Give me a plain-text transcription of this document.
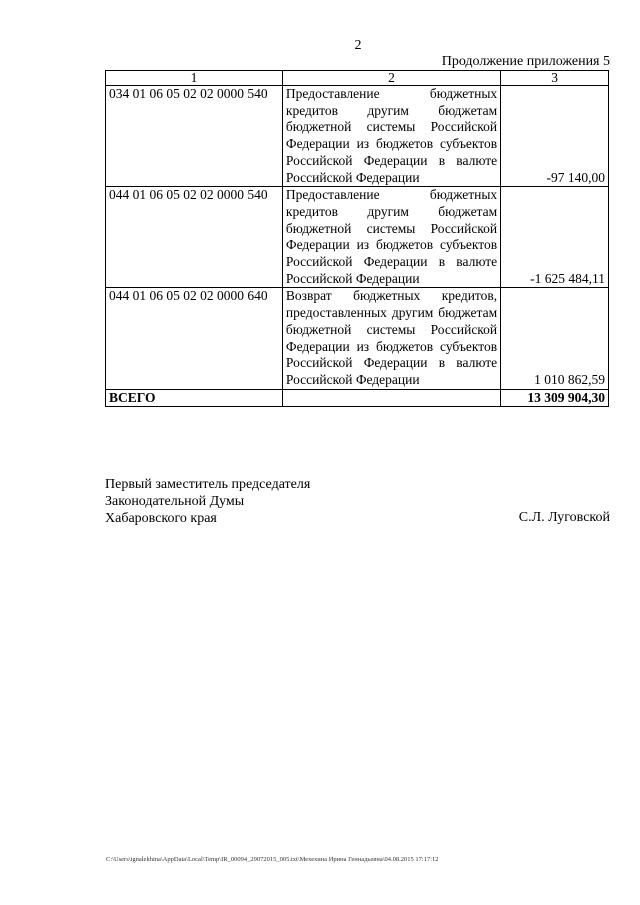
2
Продолжение приложения 5
1	2	3
034 01 06 05 02 02 0000 540	Предоставление бюджетных кредитов другим бюджетам бюджетной системы Российской Федерации из бюджетов субъектов Российской Федерации в валюте Российской Федерации	-97 140,00
044 01 06 05 02 02 0000 540	Предоставление бюджетных кредитов другим бюджетам бюджетной системы Российской Федерации из бюджетов субъектов Российской Федерации в валюте Российской Федерации	-1 625 484,11
044 01 06 05 02 02 0000 640	Возврат бюджетных кредитов, предоставленных другим бюджетам бюджетной системы Российской Федерации из бюджетов субъектов Российской Федерации в валюте Российской Федерации	1 010 862,59
ВСЕГО		13 309 904,30
Первый заместитель председателя
Законодательной Думы
Хабаровского края	С.Л. Луговской
C:\Users\ignalekhina\AppData\Local\Temp\IR_00094_29072015_005.txt\Мехехина Ирина Геннадьевна\04.08.2015 17:17:12
